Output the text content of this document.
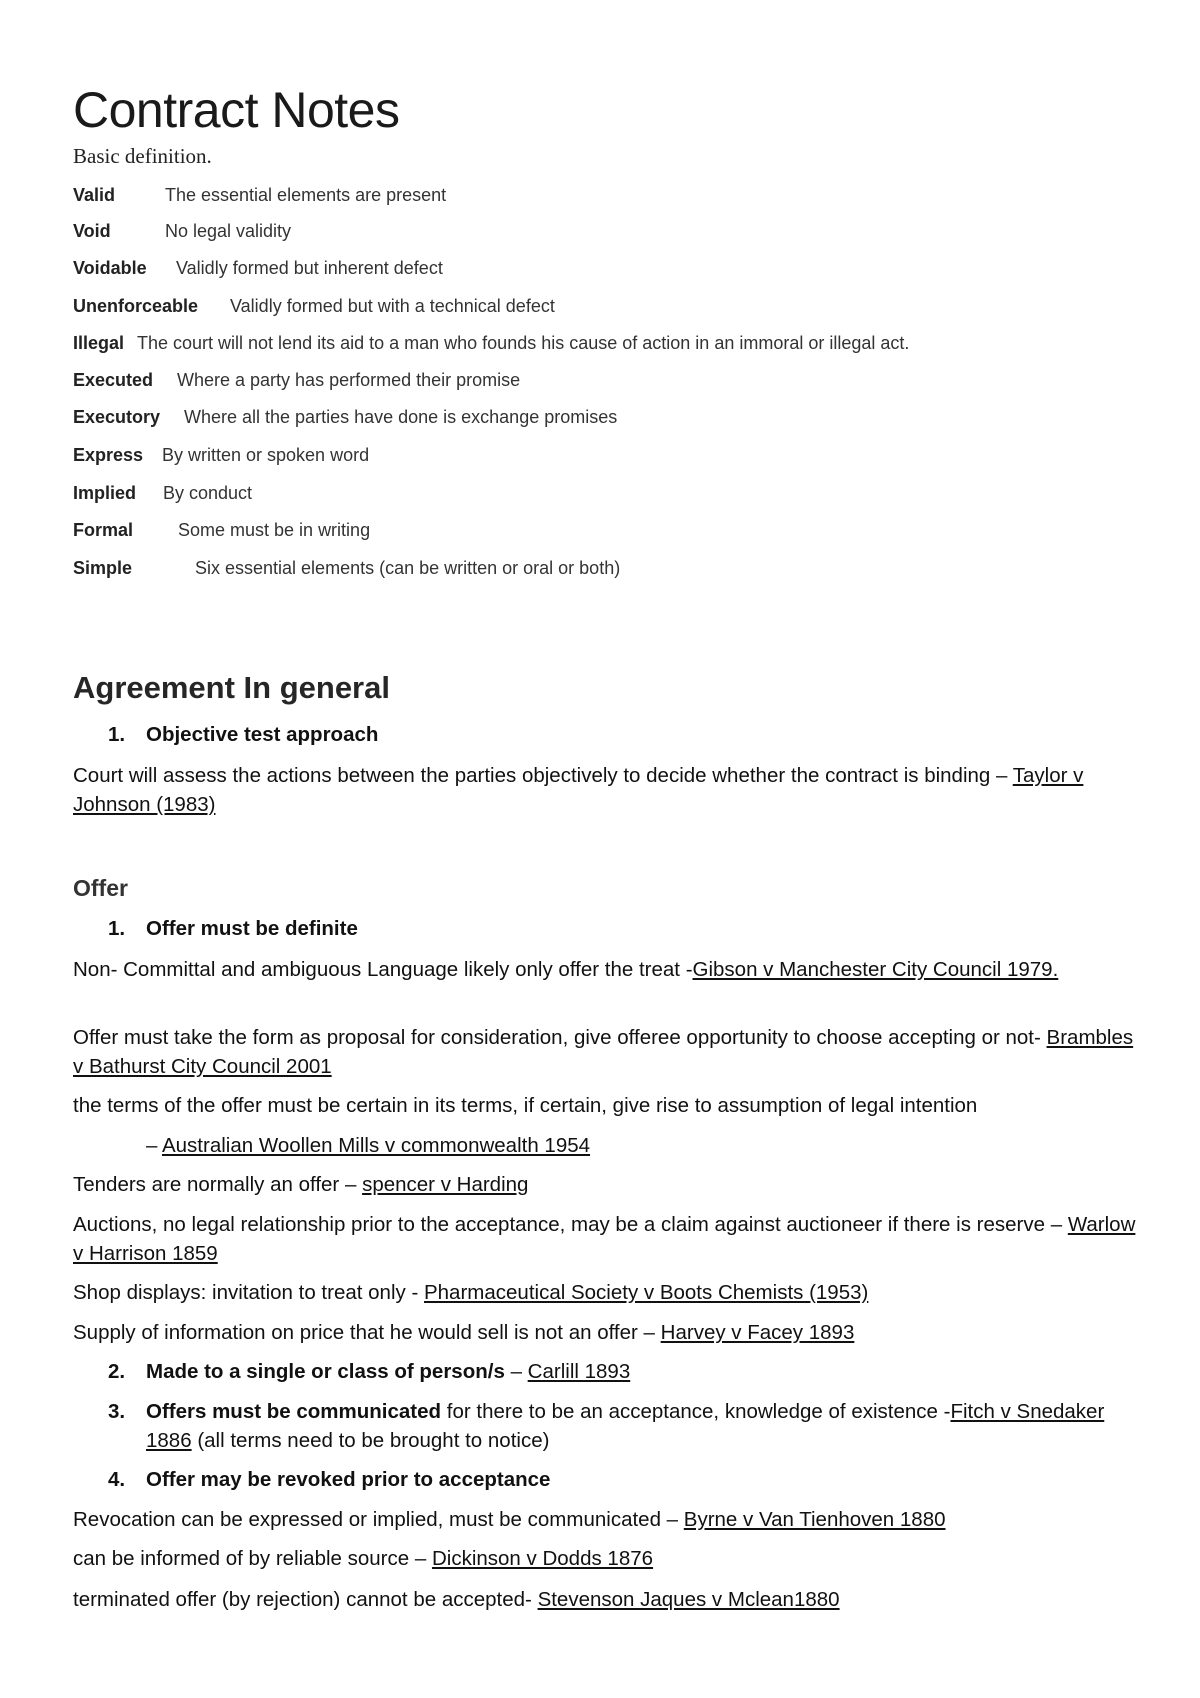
Contract Notes
Basic definition.
Valid	The essential elements are present
Void	No legal validity
Voidable Validly formed but inherent defect
Unenforceable Validly formed but with a technical defect
Illegal The court will not lend its aid to a man who founds his cause of action in an immoral or illegal act.
Executed Where a party has performed their promise
Executory Where all the parties have done is exchange promises
Express By written or spoken word
Implied By conduct
Formal Some must be in writing
Simple	Six essential elements (can be written or oral or both)
Agreement In general
1. Objective test approach
Court will assess the actions between the parties objectively to decide whether the contract is binding – Taylor v Johnson (1983)
Offer
1. Offer must be definite
Non- Committal and ambiguous Language likely only offer the treat -Gibson v Manchester City Council 1979.
Offer must take the form as proposal for consideration, give offeree opportunity to choose accepting or not- Brambles v Bathurst City Council 2001
the terms of the offer must be certain in its terms, if certain, give rise to assumption of legal intention
– Australian Woollen Mills v commonwealth 1954
Tenders are normally an offer – spencer v Harding
Auctions, no legal relationship prior to the acceptance, may be a claim against auctioneer if there is reserve – Warlow v Harrison 1859
Shop displays: invitation to treat only - Pharmaceutical Society v Boots Chemists (1953)
Supply of information on price that he would sell is not an offer – Harvey v Facey 1893
2. Made to a single or class of person/s – Carlill 1893
3. Offers must be communicated for there to be an acceptance, knowledge of existence -Fitch v Snedaker 1886 (all terms need to be brought to notice)
4. Offer may be revoked prior to acceptance
Revocation can be expressed or implied, must be communicated – Byrne v Van Tienhoven 1880
can be informed of by reliable source – Dickinson v Dodds 1876
terminated offer (by rejection) cannot be accepted- Stevenson Jaques v Mclean1880
